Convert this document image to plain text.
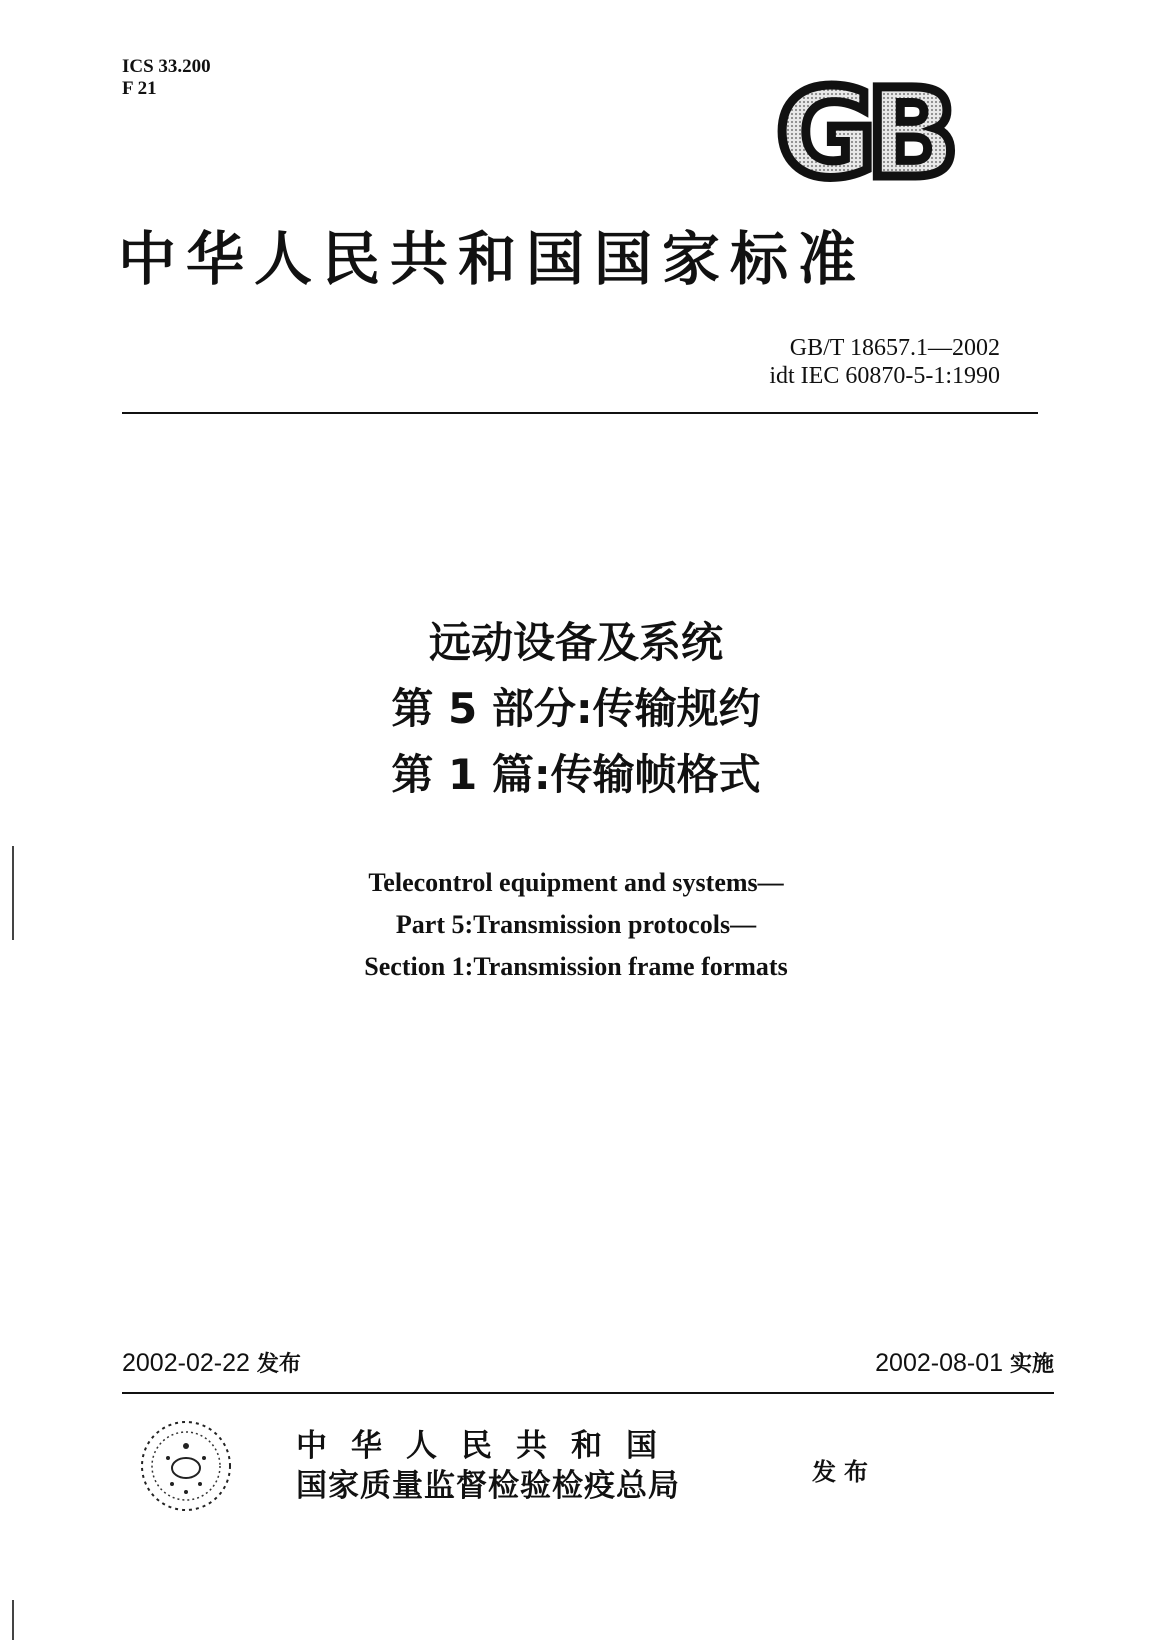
ICS 33.200
F 21	GB
中华人民共和国国家标准
GB/T 18657.1—2002
idt IEC 60870-5-1:1990
远动设备及系统
第 5 部分:传输规约
第 1 篇:传输帧格式
Telecontrol equipment and systems—
Part 5:Transmission protocols—
Section 1:Transmission frame formats
2002-02-22 发布	2002-08-01 实施
中华人民共和国
国家质量监督检验检疫总局	发布
